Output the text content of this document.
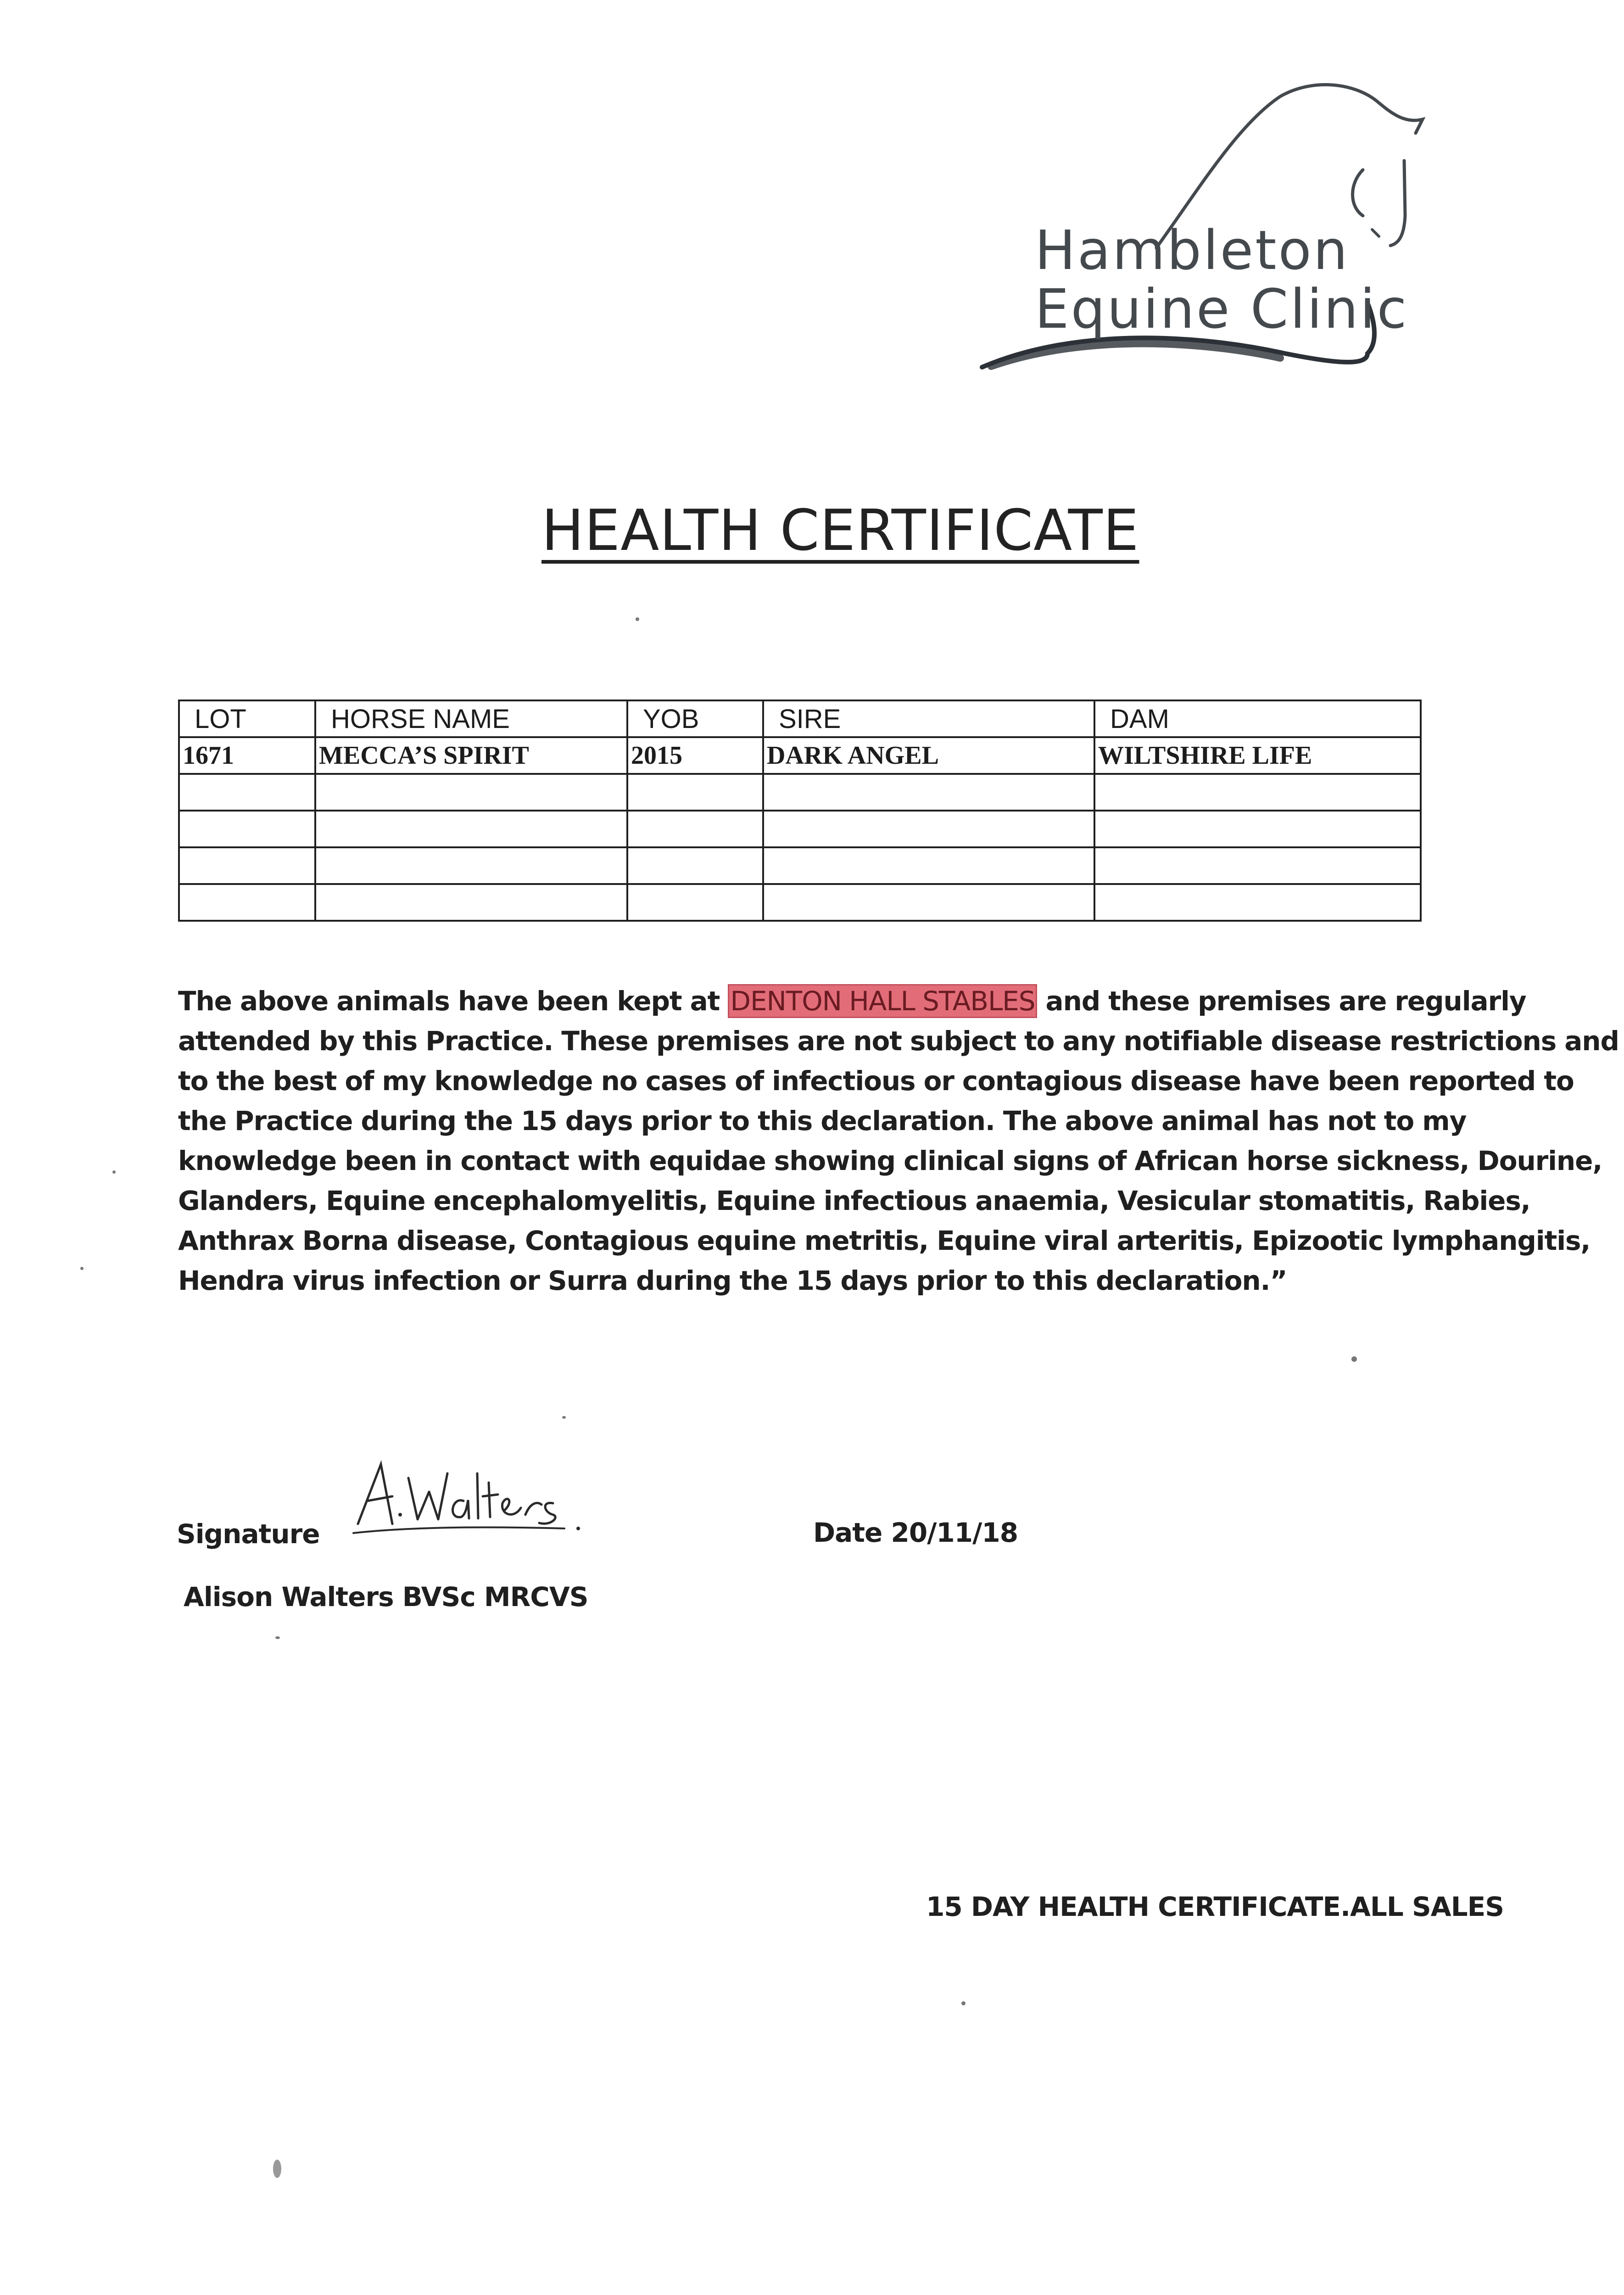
Hambleton
Equine Clinic
HEALTH CERTIFICATE
LOT	HORSE NAME	YOB	SIRE	DAM
1671	MECCA’S SPIRIT	2015	DARK ANGEL	WILTSHIRE LIFE

The above animals have been kept at DENTON HALL STABLES and these premises are regularly
attended by this Practice. These premises are not subject to any notifiable disease restrictions and
to the best of my knowledge no cases of infectious or contagious disease have been reported to
the Practice during the 15 days prior to this declaration. The above animal has not to my
knowledge been in contact with equidae showing clinical signs of African horse sickness, Dourine,
Glanders, Equine encephalomyelitis, Equine infectious anaemia, Vesicular stomatitis, Rabies,
Anthrax Borna disease, Contagious equine metritis, Equine viral arteritis, Epizootic lymphangitis,
Hendra virus infection or Surra during the 15 days prior to this declaration.”
Signature	Date 20/11/18
Alison Walters BVSc MRCVS
15 DAY HEALTH CERTIFICATE.ALL SALES
